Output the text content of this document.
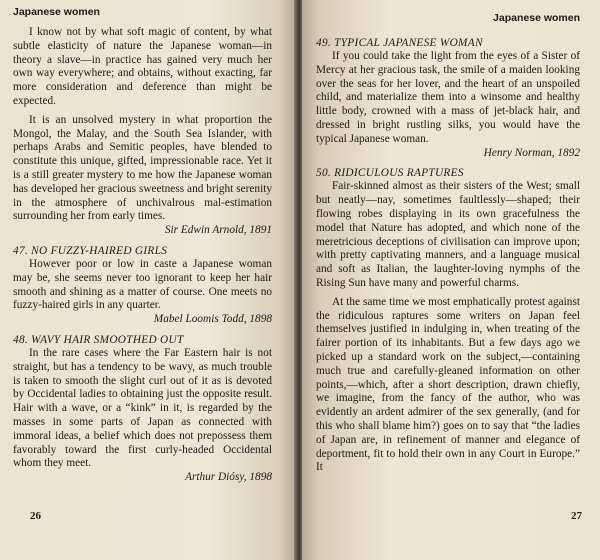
Japanese women

I know not by what soft magic of content, by what subtle elasticity of nature the Japanese woman—in theory a slave—in practice has gained very much her own way everywhere; and obtains, without exacting, far more consideration and deference than might be expected.

It is an unsolved mystery in what proportion the Mongol, the Malay, and the South Sea Islander, with perhaps Arabs and Semitic peoples, have blended to constitute this unique, gifted, impressionable race. Yet it is a still greater mystery to me how the Japanese woman has developed her gracious sweetness and bright serenity in the atmosphere of unchivalrous mal-estimation surrounding her from early times.

Sir Edwin Arnold, 1891
47. NO FUZZY-HAIRED GIRLS

However poor or low in caste a Japanese woman may be, she seems never too ignorant to keep her hair smooth and shining as a matter of course. One meets no fuzzy-haired girls in any quarter.

Mabel Loomis Todd, 1898
48. WAVY HAIR SMOOTHED OUT

In the rare cases where the Far Eastern hair is not straight, but has a tendency to be wavy, as much trouble is taken to smooth the slight curl out of it as is devoted by Occidental ladies to obtaining just the opposite result. Hair with a wave, or a “kink” in it, is regarded by the masses in some parts of Japan as connected with immoral ideas, a belief which does not prepossess them favorably toward the first curly-headed Occidental whom they meet.

Arthur Diósy, 1898
26
Japanese women
49. TYPICAL JAPANESE WOMAN

If you could take the light from the eyes of a Sister of Mercy at her gracious task, the smile of a maiden looking over the seas for her lover, and the heart of an unspoiled child, and materialize them into a winsome and healthy little body, crowned with a mass of jet-black hair, and dressed in bright rustling silks, you would have the typical Japanese woman.

Henry Norman, 1892
50. RIDICULOUS RAPTURES

Fair-skinned almost as their sisters of the West; small but neatly—nay, sometimes faultlessly—shaped; their flowing robes displaying in its own gracefulness the model that Nature has adopted, and which none of the meretricious deceptions of civilisation can improve upon; with pretty captivating manners, and a language musical and soft as Italian, the laughter-loving nymphs of the Rising Sun have many and powerful charms.

At the same time we most emphatically protest against the ridiculous raptures some writers on Japan feel themselves justified in indulging in, when treating of the fairer portion of its inhabitants. But a few days ago we picked up a standard work on the subject,—containing much true and carefully-gleaned information on other points,—which, after a short description, drawn chiefly, we imagine, from the fancy of the author, who was evidently an ardent admirer of the sex generally, (and for this who shall blame him?) goes on to say that “the ladies of Japan are, in refinement of manner and elegance of deportment, fit to hold their own in any Court in Europe.” It

27
